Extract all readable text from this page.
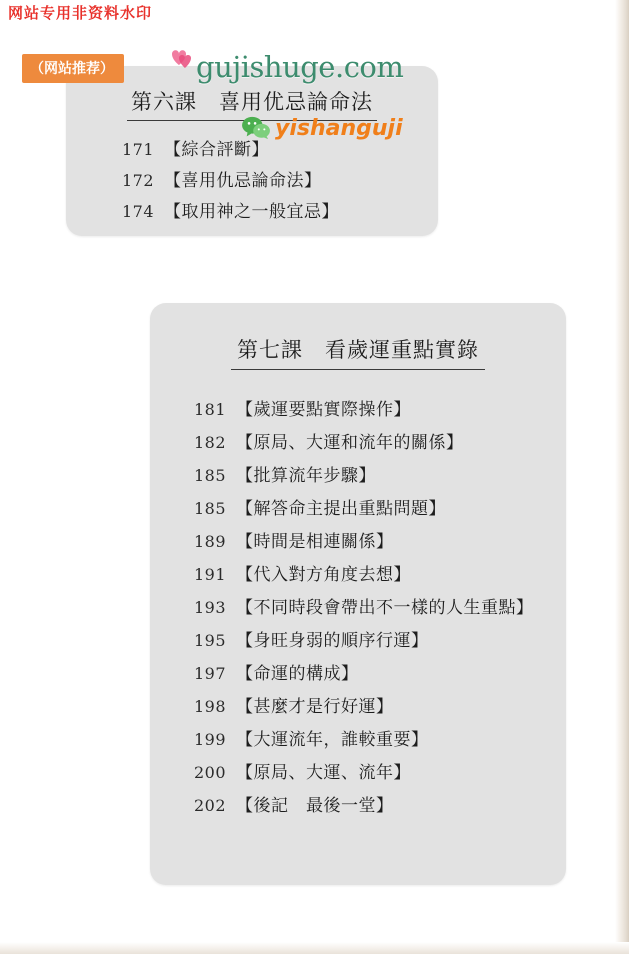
网站专用非资料水印
（网站推荐）	gujishuge.com
yishanguji
第六課　喜用优忌論命法
171 【綜合評斷】
172 【喜用仇忌論命法】
174 【取用神之一般宜忌】
第七課　看歲運重點實錄
181 【歲運要點實際操作】
182 【原局、大運和流年的關係】
185 【批算流年步驟】
185 【解答命主提出重點問題】
189 【時間是相連關係】
191 【代入對方角度去想】
193 【不同時段會帶出不一樣的人生重點】
195 【身旺身弱的順序行運】
197 【命運的構成】
198 【甚麼才是行好運】
199 【大運流年，誰較重要】
200 【原局、大運、流年】
202 【後記　最後一堂】
